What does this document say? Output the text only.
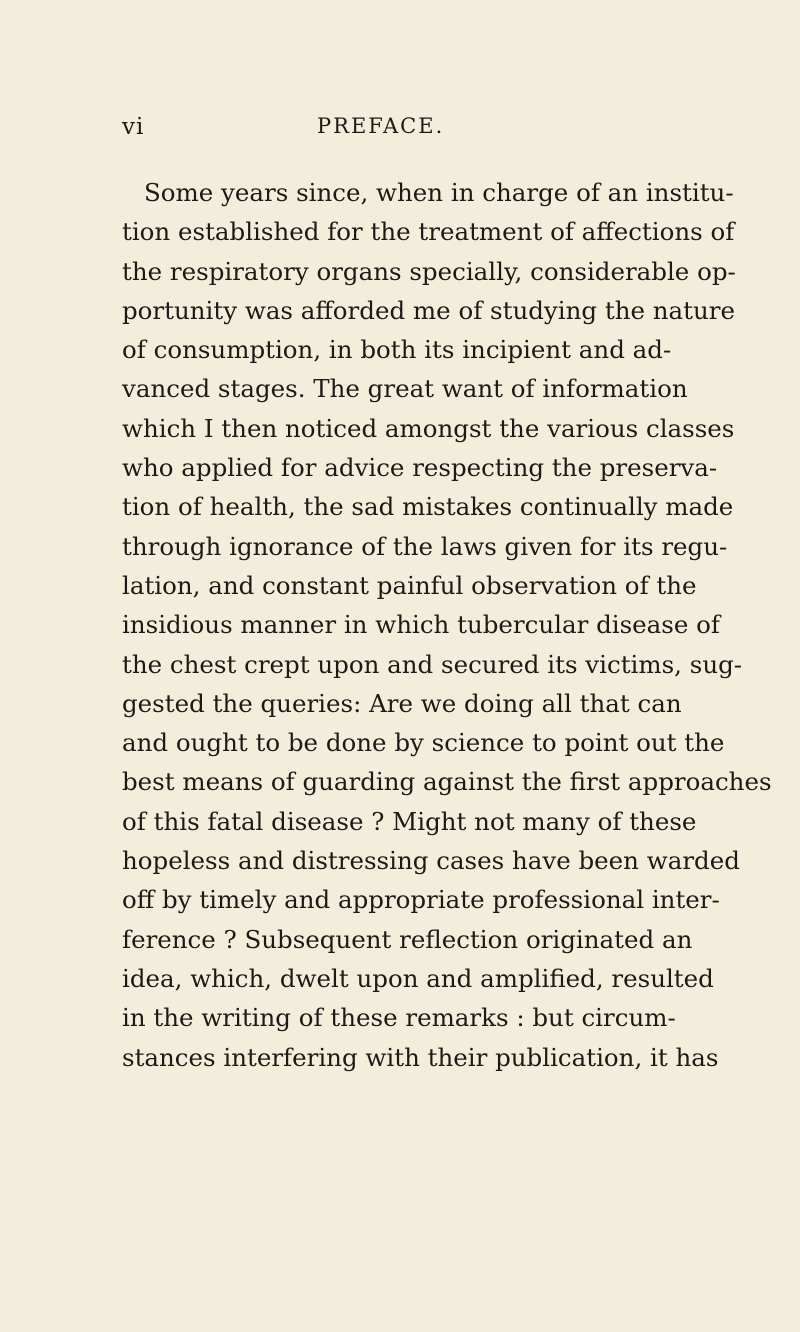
vi	PREFACE.
Some years since, when in charge of an institu-
tion established for the treatment of affections of
the respiratory organs specially, considerable op-
portunity was afforded me of studying the nature
of consumption, in both its incipient and ad-
vanced stages. The great want of information
which I then noticed amongst the various classes
who applied for advice respecting the preserva-
tion of health, the sad mistakes continually made
through ignorance of the laws given for its regu-
lation, and constant painful observation of the
insidious manner in which tubercular disease of
the chest crept upon and secured its victims, sug-
gested the queries: Are we doing all that can
and ought to be done by science to point out the
best means of guarding against the first approaches
of this fatal disease ? Might not many of these
hopeless and distressing cases have been warded
off by timely and appropriate professional inter-
ference ? Subsequent reflection originated an
idea, which, dwelt upon and amplified, resulted
in the writing of these remarks : but circum-
stances interfering with their publication, it has
